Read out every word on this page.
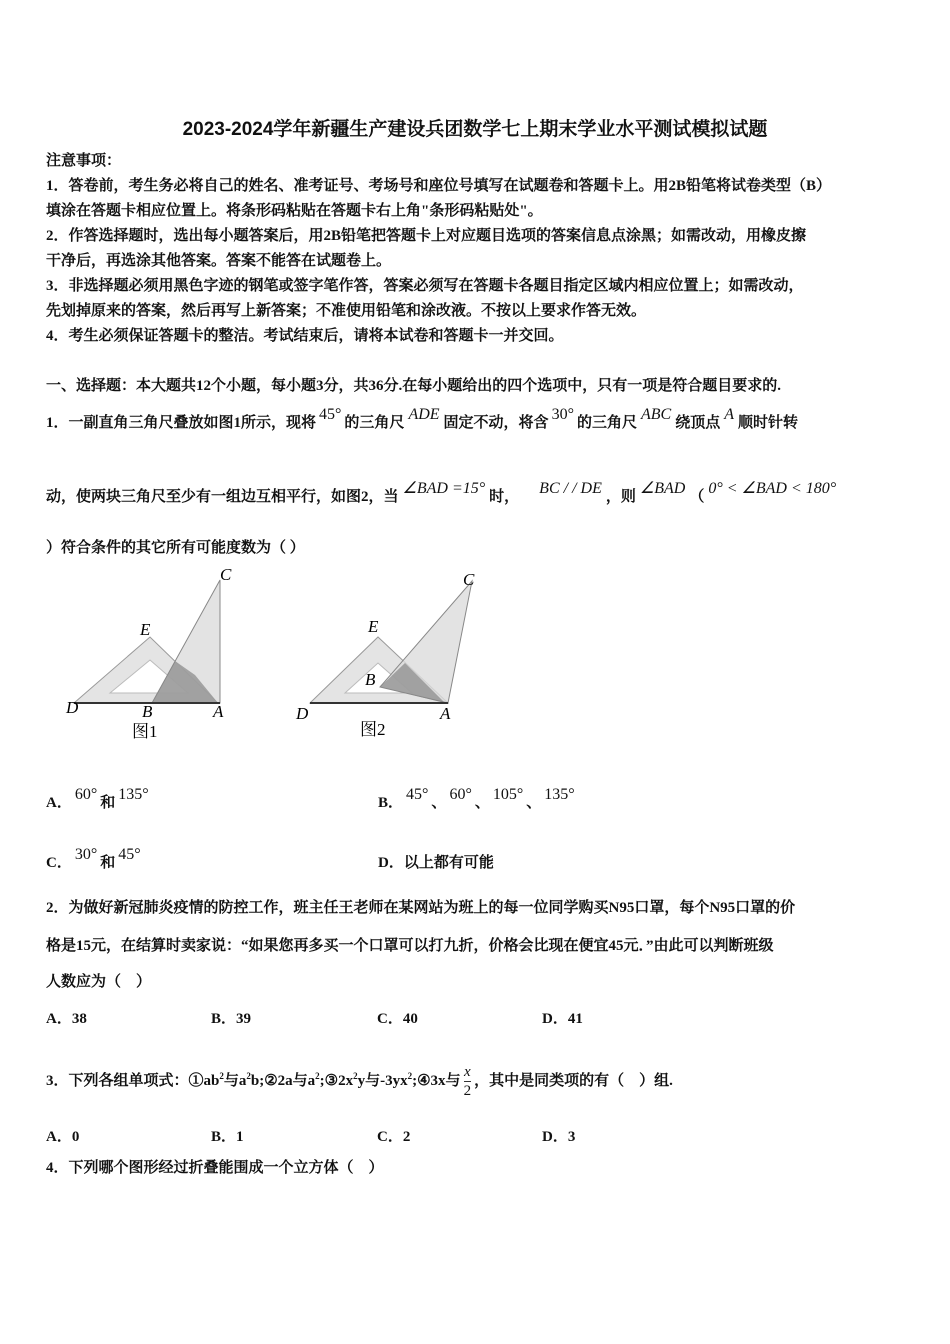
2023-2024学年新疆生产建设兵团数学七上期末学业水平测试模拟试题
注意事项：
1．答卷前，考生务必将自己的姓名、准考证号、考场号和座位号填写在试题卷和答题卡上。用2B铅笔将试卷类型（B）
填涂在答题卡相应位置上。将条形码粘贴在答题卡右上角"条形码粘贴处"。
2．作答选择题时，选出每小题答案后，用2B铅笔把答题卡上对应题目选项的答案信息点涂黑；如需改动，用橡皮擦
干净后，再选涂其他答案。答案不能答在试题卷上。
3．非选择题必须用黑色字迹的钢笔或签字笔作答，答案必须写在答题卡各题目指定区域内相应位置上；如需改动，
先划掉原来的答案，然后再写上新答案；不准使用铅笔和涂改液。不按以上要求作答无效。
4．考生必须保证答题卡的整洁。考试结束后，请将本试卷和答题卡一并交回。
一、选择题：本大题共12个小题，每小题3分，共36分.在每小题给出的四个选项中，只有一项是符合题目要求的.
1．一副直角三角尺叠放如图1所示，现将 45° 的三角尺 ADE 固定不动，将含 30° 的三角尺 ABC 绕顶点 A 顺时针转
动，使两块三角尺至少有一组边互相平行，如图2，当 ∠BAD =15° 时， BC / / DE ，则 ∠BAD （ 0° < ∠BAD < 180°
）符合条件的其它所有可能度数为（ ）
C
E
D	B	A
图1
C
E
B
D	A
图2
A． 60° 和 135°	B． 45° 、 60° 、 105° 、 135°
C． 30° 和 45°	D．以上都有可能
2．为做好新冠肺炎疫情的防控工作，班主任王老师在某网站为班上的每一位同学购买N95口罩，每个N95口罩的价
格是15元，在结算时卖家说：“如果您再多买一个口罩可以打九折，价格会比现在便宜45元．”由此可以判断班级
人数应为（　）
A．38	B．39	C．40	D．41
3．下列各组单项式：$①ab^2$与$a^2b;②2a$与$a^2;③2x^2y$与$-3yx^2;④3x$与 $\frac{x}{2}$ ，其中是同类项的有（　）组.
A．0	B．1	C．2	D．3
4．下列哪个图形经过折叠能围成一个立方体（　）
